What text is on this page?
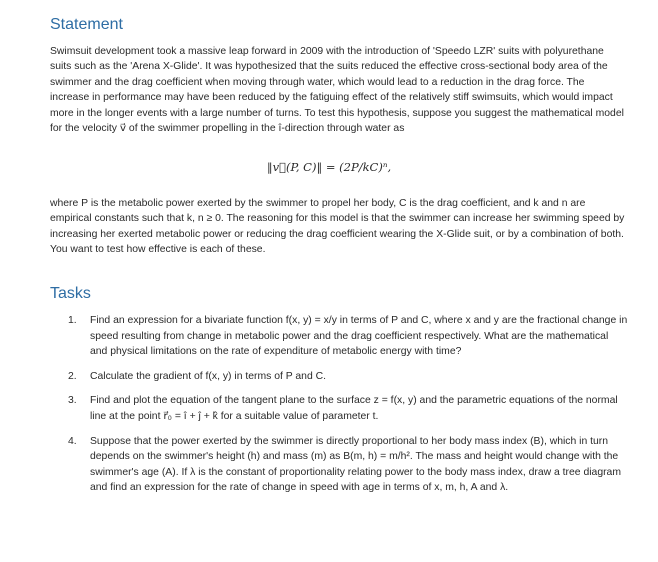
Statement

Swimsuit development took a massive leap forward in 2009 with the introduction of 'Speedo LZR' suits with polyurethane suits such as the 'Arena X-Glide'. It was hypothesized that the suits reduced the effective cross-sectional body area of the swimmer and the drag coefficient when moving through water, which would lead to a reduction in the drag force. The increase in performance may have been reduced by the fatiguing effect of the relatively stiff swimsuits, which would impact more in the longer events with a large number of turns. To test this hypothesis, suppose you suggest the mathematical model for the velocity v⃗ of the swimmer propelling in the î-direction through water as

‖v⃗(P, C)‖ = (2P/kC)ⁿ,

where P is the metabolic power exerted by the swimmer to propel her body, C is the drag coefficient, and k and n are empirical constants such that k, n ≥ 0. The reasoning for this model is that the swimmer can increase her swimming speed by increasing her exerted metabolic power or reducing the drag coefficient wearing the X-Glide suit, or by a combination of both. You want to test how effective is each of these.

Tasks
1. Find an expression for a bivariate function f(x, y) = x/y in terms of P and C, where x and y are the fractional change in speed resulting from change in metabolic power and the drag coefficient respectively. What are the mathematical and physical limitations on the rate of expenditure of metabolic energy with time?

2. Calculate the gradient of f(x, y) in terms of P and C.

3. Find and plot the equation of the tangent plane to the surface z = f(x, y) and the parametric equations of the normal line at the point r⃗₀ = î + ĵ + k̂ for a suitable value of parameter t.

4. Suppose that the power exerted by the swimmer is directly proportional to her body mass index (B), which in turn depends on the swimmer's height (h) and mass (m) as B(m, h) = m/h². The mass and height would change with the swimmer's age (A). If λ is the constant of proportionality relating power to the body mass index, draw a tree diagram and find an expression for the rate of change in speed with age in terms of x, m, h, A and λ.
